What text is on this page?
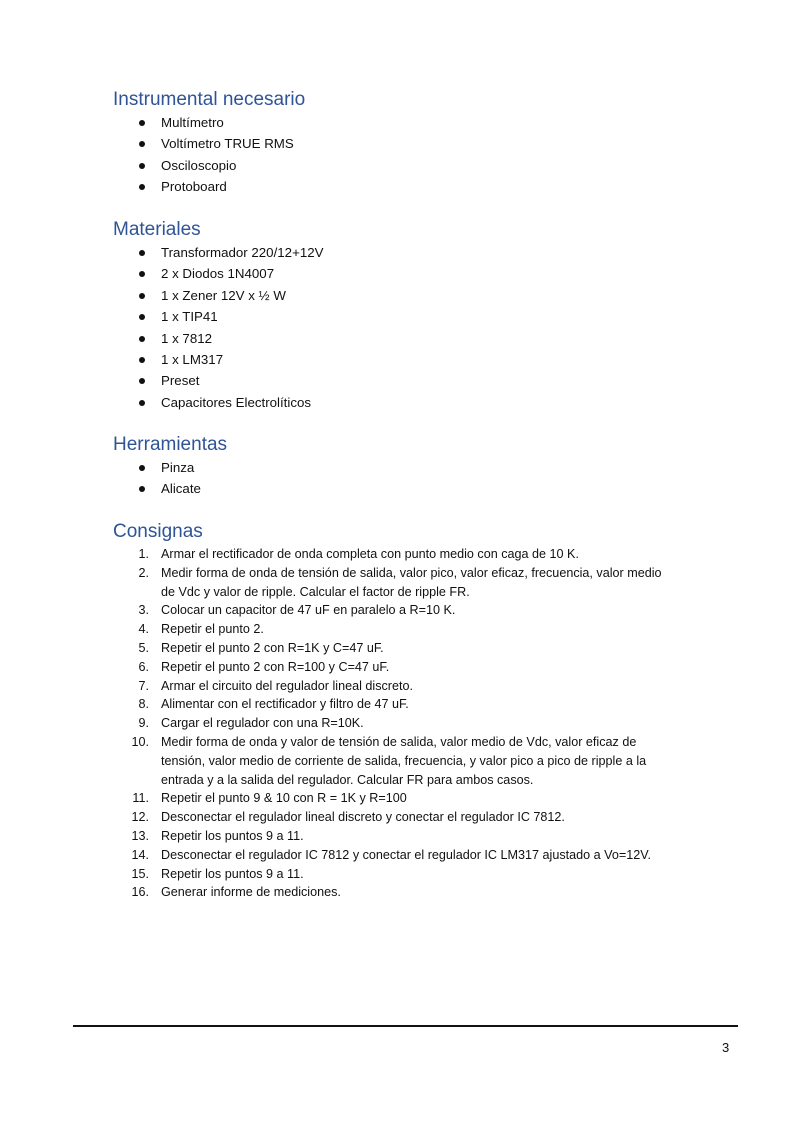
Instrumental necesario
Multímetro
Voltímetro TRUE RMS
Osciloscopio
Protoboard
Materiales
Transformador 220/12+12V
2 x Diodos 1N4007
1 x Zener 12V x ½ W
1 x TIP41
1 x 7812
1 x LM317
Preset
Capacitores Electrolíticos
Herramientas
Pinza
Alicate
Consignas
1. Armar el rectificador de onda completa con punto medio con caga de 10 K.
2. Medir forma de onda de tensión de salida, valor pico, valor eficaz, frecuencia, valor medio de Vdc y valor de ripple. Calcular el factor de ripple FR.
3. Colocar un capacitor de 47 uF en paralelo a R=10 K.
4. Repetir el punto 2.
5. Repetir el punto 2 con R=1K y C=47 uF.
6. Repetir el punto 2 con R=100 y C=47 uF.
7. Armar el circuito del regulador lineal discreto.
8. Alimentar con el rectificador y filtro de 47 uF.
9. Cargar el regulador con una R=10K.
10. Medir forma de onda y valor de tensión de salida, valor medio de Vdc, valor eficaz de tensión, valor medio de corriente de salida, frecuencia, y valor pico a pico de ripple a la entrada y a la salida del regulador. Calcular FR para ambos casos.
11. Repetir el punto 9 & 10 con R = 1K y R=100
12. Desconectar el regulador lineal discreto y conectar el regulador IC 7812.
13. Repetir los puntos 9 a 11.
14. Desconectar el regulador IC 7812 y conectar el regulador IC LM317 ajustado a Vo=12V.
15. Repetir los puntos 9 a 11.
16. Generar informe de mediciones.
3
